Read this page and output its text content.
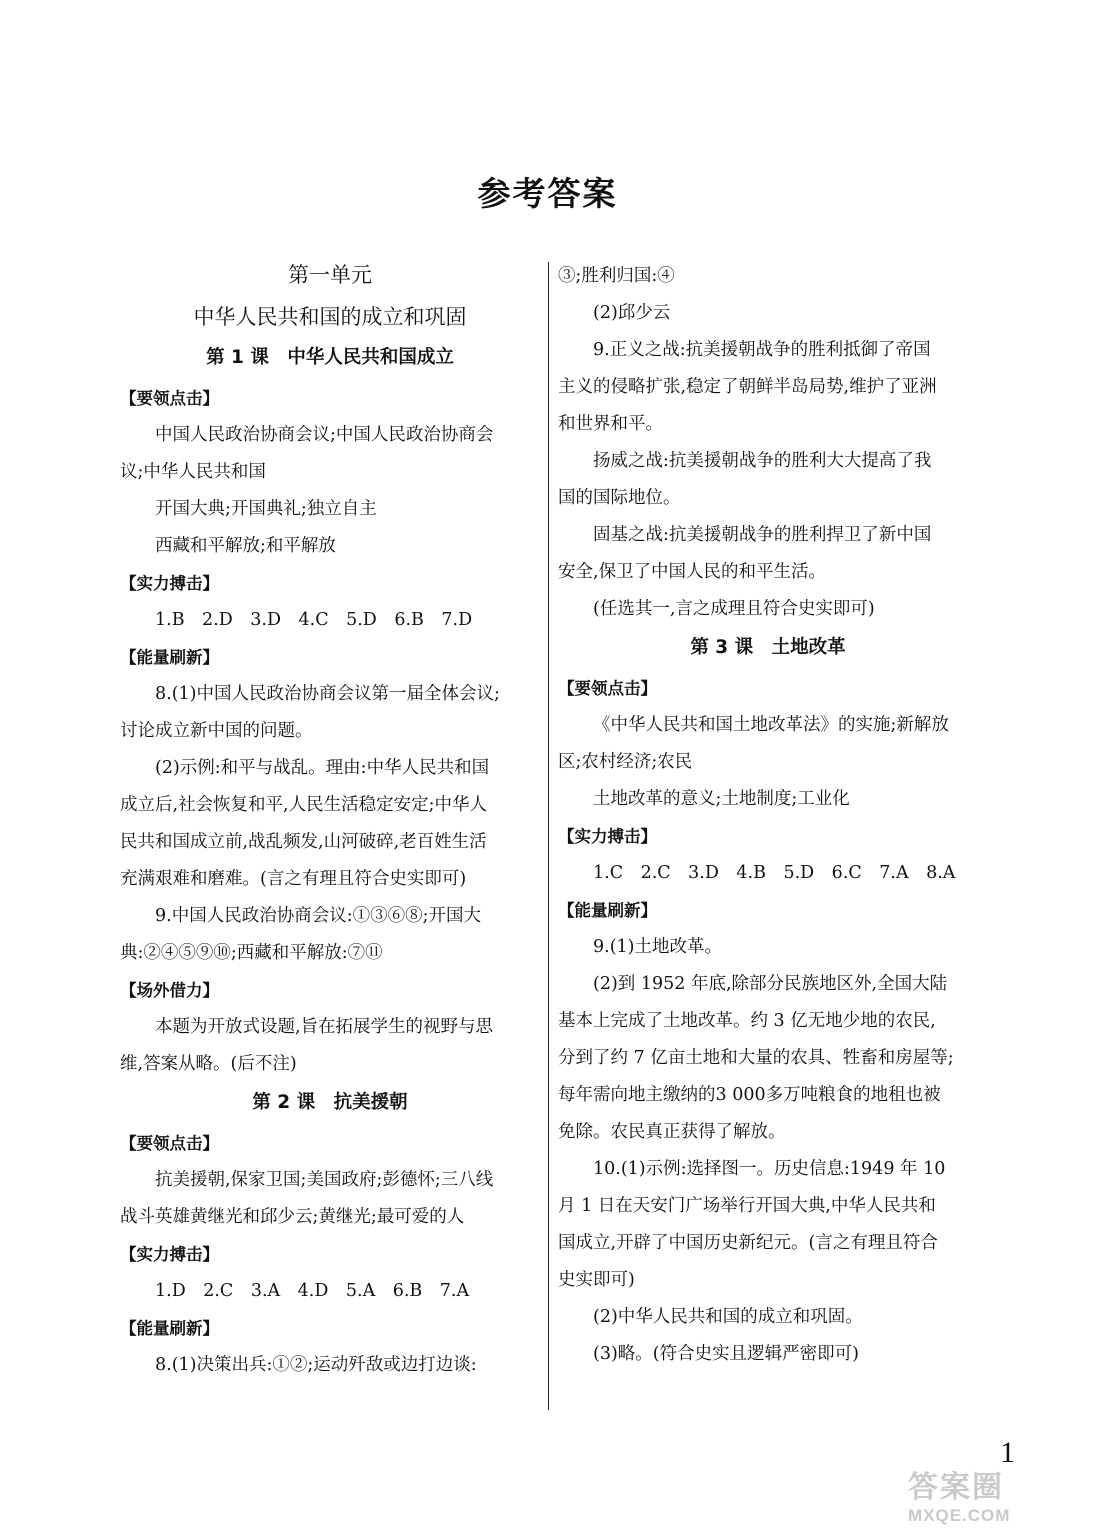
参考答案
第一单元
中华人民共和国的成立和巩固
第 1 课　中华人民共和国成立
【要领点击】
中国人民政治协商会议;中国人民政治协商会
议;中华人民共和国
开国大典;开国典礼;独立自主
西藏和平解放;和平解放
【实力搏击】
1.B　2.D　3.D　4.C　5.D　6.B　7.D
【能量刷新】
8.(1)中国人民政治协商会议第一届全体会议;
讨论成立新中国的问题。
(2)示例:和平与战乱。理由:中华人民共和国
成立后,社会恢复和平,人民生活稳定安定;中华人
民共和国成立前,战乱频发,山河破碎,老百姓生活
充满艰难和磨难。(言之有理且符合史实即可)
9.中国人民政治协商会议:①③⑥⑧;开国大
典:②④⑤⑨⑩;西藏和平解放:⑦⑪
【场外借力】
本题为开放式设题,旨在拓展学生的视野与思
维,答案从略。(后不注)
第 2 课　抗美援朝
【要领点击】
抗美援朝,保家卫国;美国政府;彭德怀;三八线
战斗英雄黄继光和邱少云;黄继光;最可爱的人
【实力搏击】
1.D　2.C　3.A　4.D　5.A　6.B　7.A
【能量刷新】
8.(1)决策出兵:①②;运动歼敌或边打边谈:
③;胜利归国:④
(2)邱少云
9.正义之战:抗美援朝战争的胜利抵御了帝国
主义的侵略扩张,稳定了朝鲜半岛局势,维护了亚洲
和世界和平。
扬威之战:抗美援朝战争的胜利大大提高了我
国的国际地位。
固基之战:抗美援朝战争的胜利捍卫了新中国
安全,保卫了中国人民的和平生活。
(任选其一,言之成理且符合史实即可)
第 3 课　土地改革
【要领点击】
《中华人民共和国土地改革法》的实施;新解放
区;农村经济;农民
土地改革的意义;土地制度;工业化
【实力搏击】
1.C　2.C　3.D　4.B　5.D　6.C　7.A　8.A
【能量刷新】
9.(1)土地改革。
(2)到 1952 年底,除部分民族地区外,全国大陆
基本上完成了土地改革。约 3 亿无地少地的农民,
分到了约 7 亿亩土地和大量的农具、牲畜和房屋等;
每年需向地主缴纳的3 000多万吨粮食的地租也被
免除。农民真正获得了解放。
10.(1)示例:选择图一。历史信息:1949 年 10
月 1 日在天安门广场举行开国大典,中华人民共和
国成立,开辟了中国历史新纪元。(言之有理且符合
史实即可)
(2)中华人民共和国的成立和巩固。
(3)略。(符合史实且逻辑严密即可)
1
答案圈
MXQE.COM
